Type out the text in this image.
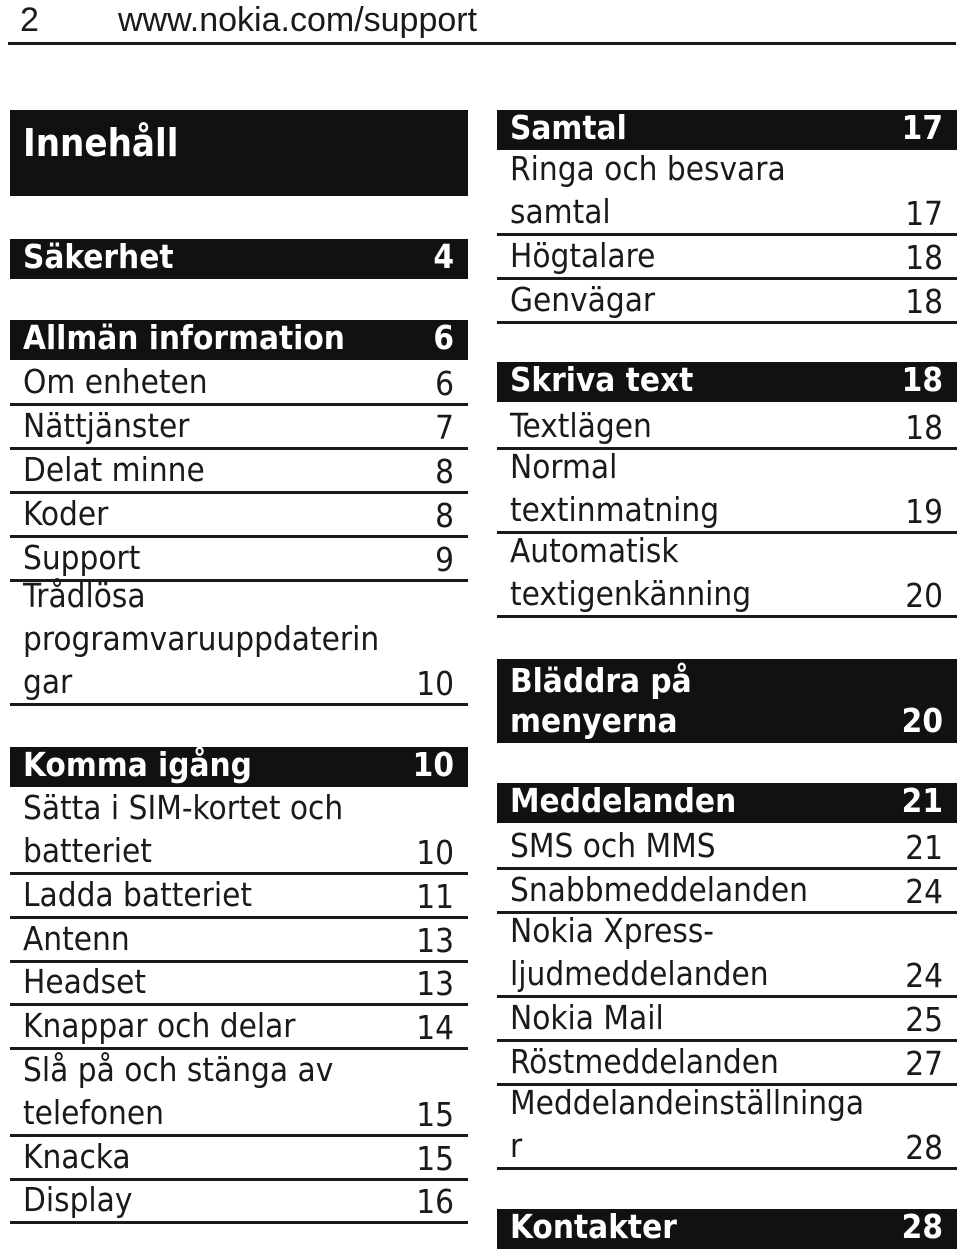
2 www.nokia.com/support
Innehåll
Säkerhet	4
Allmän information	6
Om enheten	6
Nättjänster	7
Delat minne	8
Koder	8
Support	9
Trådlösa
programvaruuppdaterin
gar	10
Komma igång	10
Sätta i SIM-kortet och
batteriet	10
Ladda batteriet	11
Antenn	13
Headset	13
Knappar och delar	14
Slå på och stänga av
telefonen	15
Knacka	15
Display	16
Samtal	17
Ringa och besvara
samtal	17
Högtalare	18
Genvägar	18
Skriva text	18
Textlägen	18
Normal
textinmatning	19
Automatisk
textigenkänning	20
Bläddra på
menyerna	20
Meddelanden	21
SMS och MMS	21
Snabbmeddelanden	24
Nokia Xpress-
ljudmeddelanden	24
Nokia Mail	25
Röstmeddelanden	27
Meddelandeinställninga
r	28
Kontakter	28
